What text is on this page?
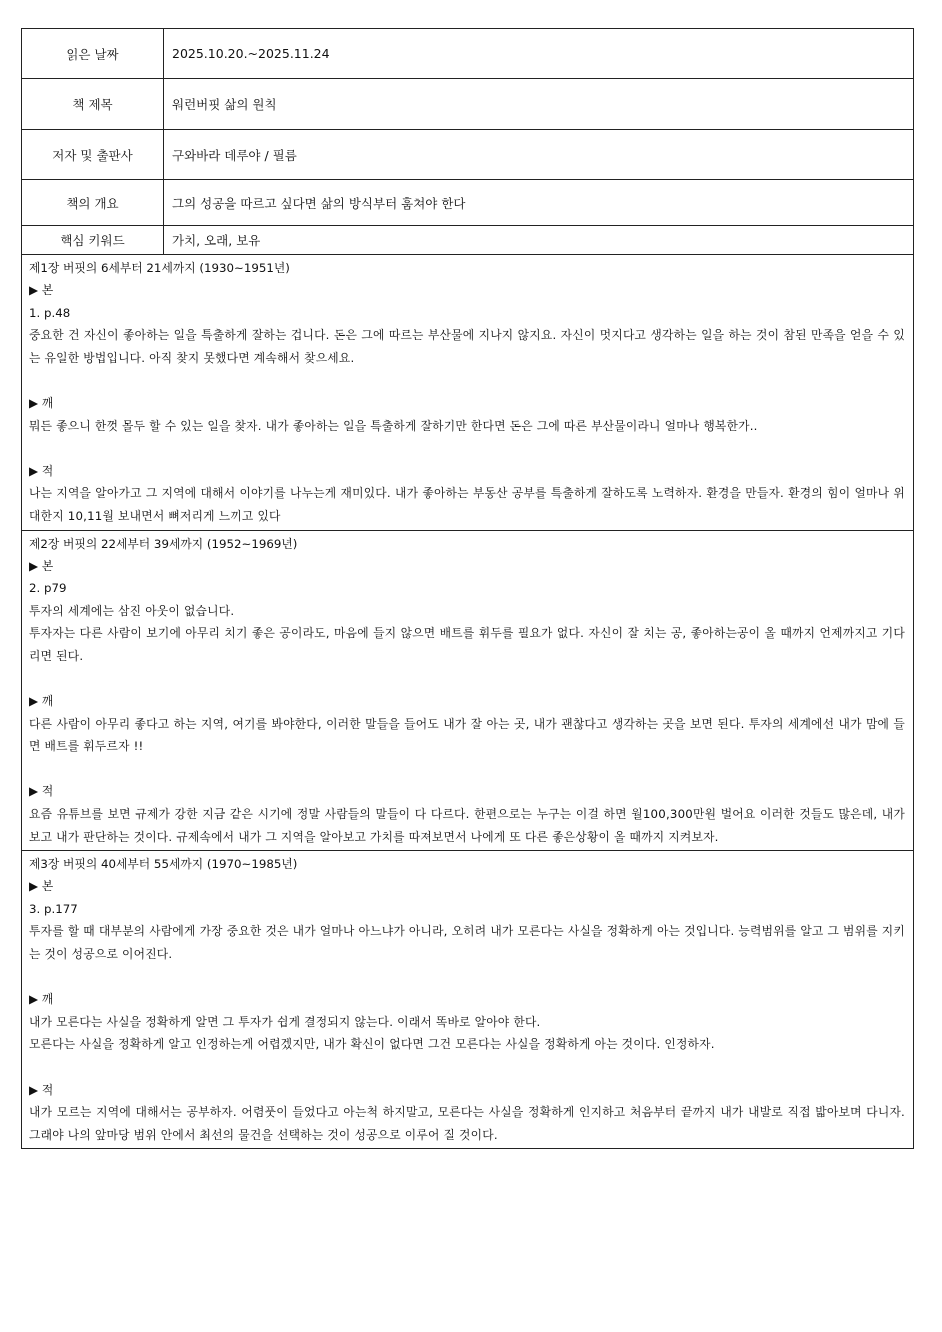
읽은 날짜	2025.10.20.~2025.11.24
책 제목	워런버핏 삶의 원칙
저자 및 출판사	구와바라 데루야 / 필름
책의 개요	그의 성공을 따르고 싶다면 삶의 방식부터 훔쳐야 한다
핵심 키워드	가치, 오래, 보유
제1장 버핏의 6세부터 21세까지 (1930~1951년)
▶ 본
1. p.48
중요한 건 자신이 좋아하는 일을 특출하게 잘하는 겁니다. 돈은 그에 따르는 부산물에 지나지 않지요. 자신이 멋지다고 생각하는 일을 하는 것이 참된 만족을 얻을 수 있는 유일한 방법입니다. 아직 찾지 못했다면 계속해서 찾으세요.
▶ 깨
뭐든 좋으니 한껏 몰두 할 수 있는 일을 찾자. 내가 좋아하는 일을 특출하게 잘하기만 한다면 돈은 그에 따른 부산물이라니 얼마나 행복한가..
▶ 적
나는 지역을 알아가고 그 지역에 대해서 이야기를 나누는게 재미있다. 내가 좋아하는 부동산 공부를 특출하게 잘하도록 노력하자. 환경을 만들자. 환경의 힘이 얼마나 위대한지 10,11월 보내면서 뼈저리게 느끼고 있다
제2장 버핏의 22세부터 39세까지 (1952~1969년)
▶ 본
2. p79
투자의 세계에는 삼진 아웃이 없습니다.
투자자는 다른 사람이 보기에 아무리 치기 좋은 공이라도, 마음에 들지 않으면 배트를 휘두를 필요가 없다. 자신이 잘 치는 공, 좋아하는공이 올 때까지 언제까지고 기다리면 된다.
▶ 깨
다른 사람이 아무리 좋다고 하는 지역, 여기를 봐야한다, 이러한 말들을 들어도 내가 잘 아는 곳, 내가 괜찮다고 생각하는 곳을 보면 된다. 투자의 세계에선 내가 맘에 들면 배트를 휘두르자 !!
▶ 적
요즘 유튜브를 보면 규제가 강한 지금 같은 시기에 정말 사람들의 말들이 다 다르다. 한편으로는 누구는 이걸 하면 월100,300만원 벌어요 이러한 것들도 많은데, 내가 보고 내가 판단하는 것이다. 규제속에서 내가 그 지역을 알아보고 가치를 따져보면서 나에게 또 다른 좋은상황이 올 때까지 지켜보자.
제3장 버핏의 40세부터 55세까지 (1970~1985년)
▶ 본
3. p.177
투자를 할 때 대부분의 사람에게 가장 중요한 것은 내가 얼마나 아느냐가 아니라, 오히려 내가 모른다는 사실을 정확하게 아는 것입니다. 능력범위를 알고 그 범위를 지키는 것이 성공으로 이어진다.
▶ 깨
내가 모른다는 사실을 정확하게 알면 그 투자가 쉽게 결정되지 않는다. 이래서 똑바로 알아야 한다.
모른다는 사실을 정확하게 알고 인정하는게 어렵겠지만, 내가 확신이 없다면 그건 모른다는 사실을 정확하게 아는 것이다. 인정하자.
▶ 적
내가 모르는 지역에 대해서는 공부하자. 어렴풋이 들었다고 아는척 하지말고, 모른다는 사실을 정확하게 인지하고 처음부터 끝까지 내가 내발로 직접 밟아보며 다니자. 그래야 나의 앞마당 범위 안에서 최선의 물건을 선택하는 것이 성공으로 이루어 질 것이다.
